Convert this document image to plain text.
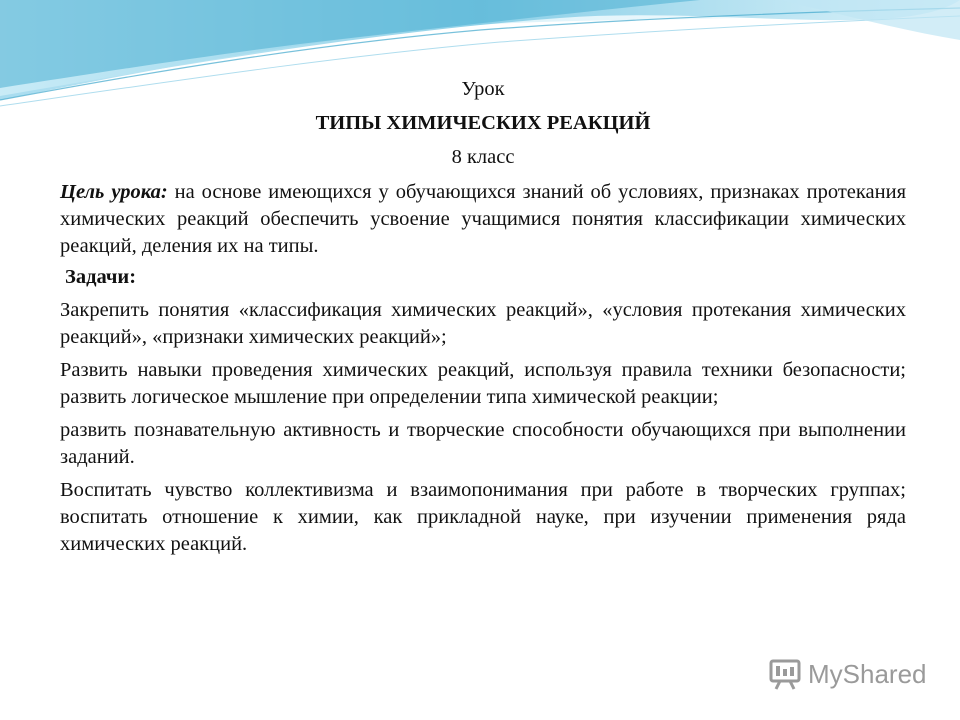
Урок
ТИПЫ ХИМИЧЕСКИХ РЕАКЦИЙ
8 класс

Цель урока: на основе имеющихся у обучающихся знаний об условиях, признаках протекания химических реакций обеспечить усвоение учащимися понятия классификации химических реакций, деления их на типы.

Задачи:

Закрепить понятия «классификация химических реакций», «условия протекания химических реакций», «признаки химических реакций»;

Развить навыки проведения химических реакций, используя правила техники безопасности; развить логическое мышление при определении типа химической реакции;

развить познавательную активность и творческие способности обучающихся при выполнении заданий.

Воспитать чувство коллективизма и взаимопонимания при работе в творческих группах; воспитать отношение к химии, как прикладной науке, при изучении применения ряда химических реакций.

MyShared
